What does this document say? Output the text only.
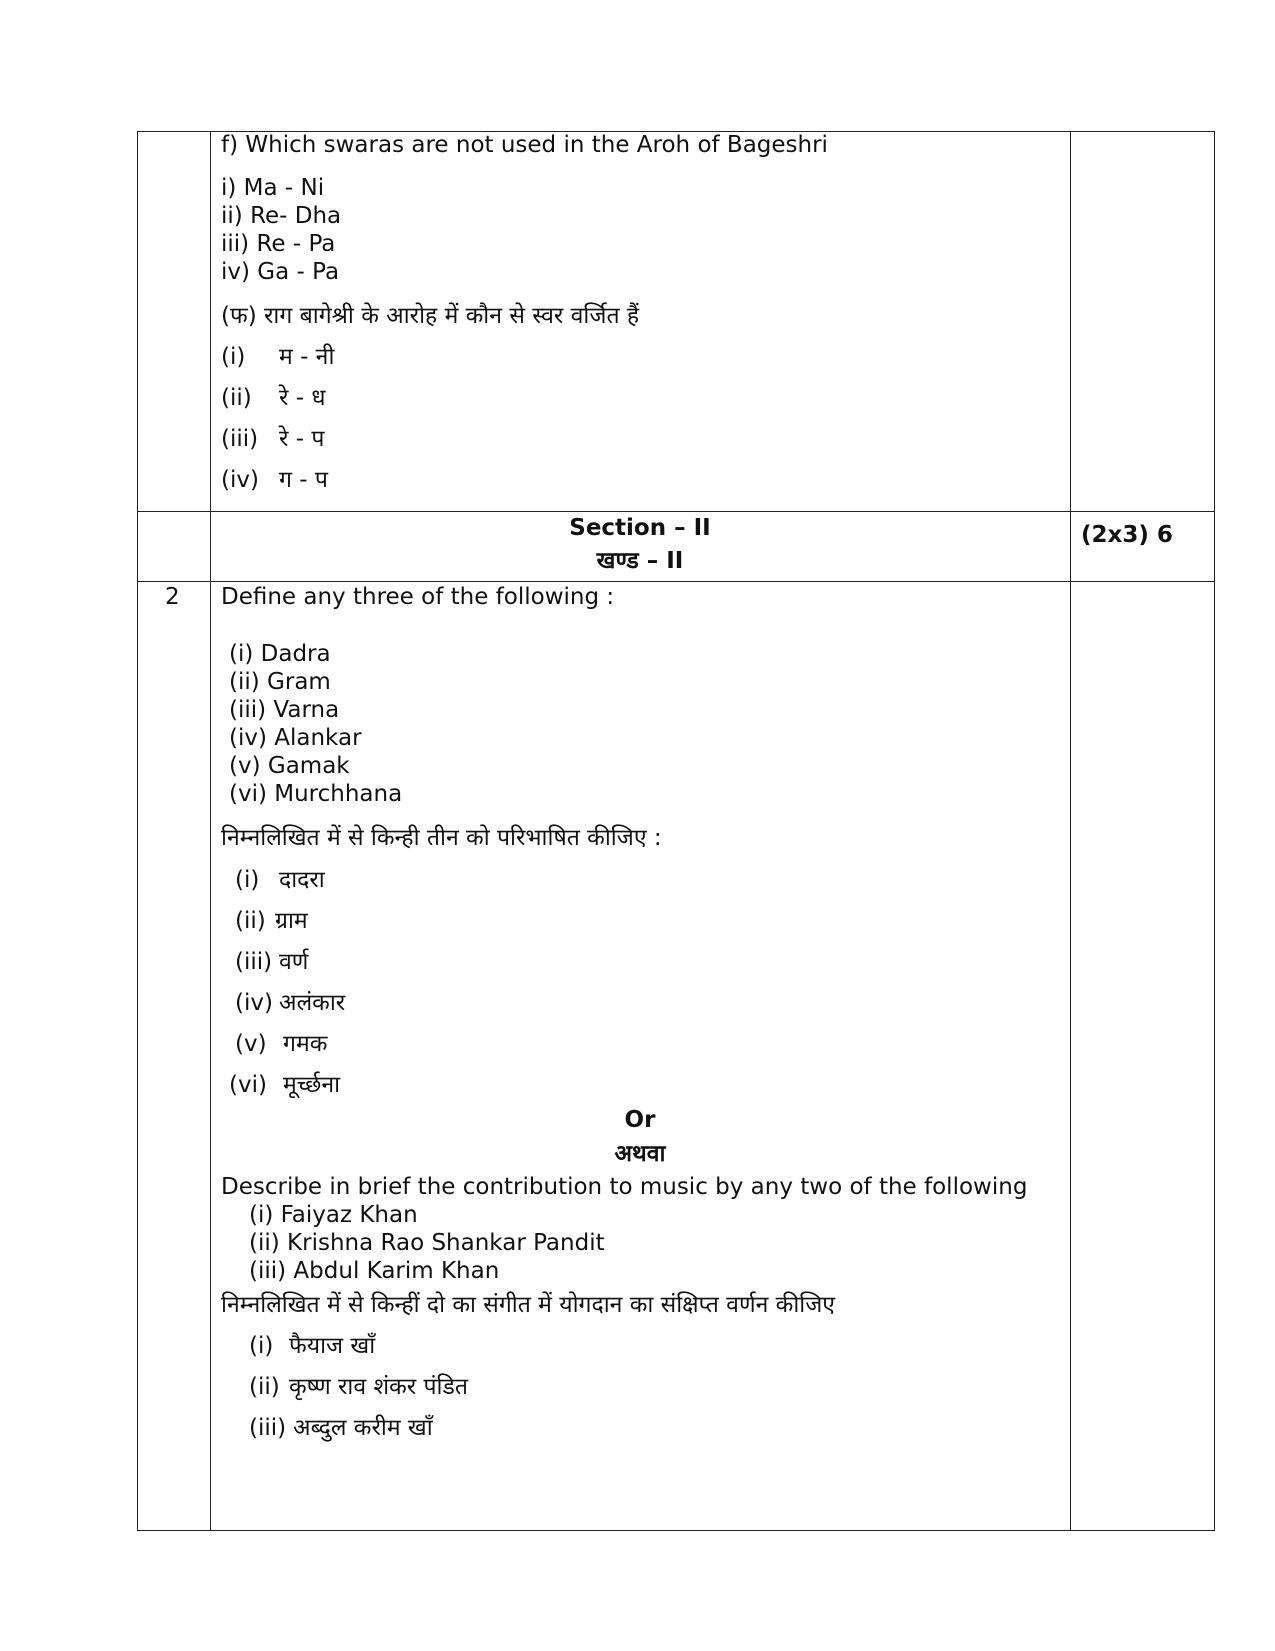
f) Which swaras are not used in the Aroh of Bageshri
i) Ma - Ni
ii) Re- Dha
iii) Re - Pa
iv) Ga - Pa
(फ) राग बागेश्री के आरोह में कौन से स्वर वर्जित हैं
(i) म - नी
(ii) रे - ध
(iii) रे - प
(iv) ग - प
Section – II
खण्ड – II
(2x3) 6
2 Define any three of the following :
(i) Dadra
(ii) Gram
(iii) Varna
(iv) Alankar
(v) Gamak
(vi) Murchhana
निम्नलिखित में से किन्ही तीन को परिभाषित कीजिए :
(i) दादरा
(ii) ग्राम
(iii) वर्ण
(iv) अलंकार
(v) गमक
(vi) मूर्च्छना
Or
अथवा
Describe in brief the contribution to music by any two of the following
(i) Faiyaz Khan
(ii) Krishna Rao Shankar Pandit
(iii) Abdul Karim Khan
निम्नलिखित में से किन्हीं दो का संगीत में योगदान का संक्षिप्त वर्णन कीजिए
(i) फैयाज खाँ
(ii) कृष्ण राव शंकर पंडित
(iii) अब्दुल करीम खाँ
